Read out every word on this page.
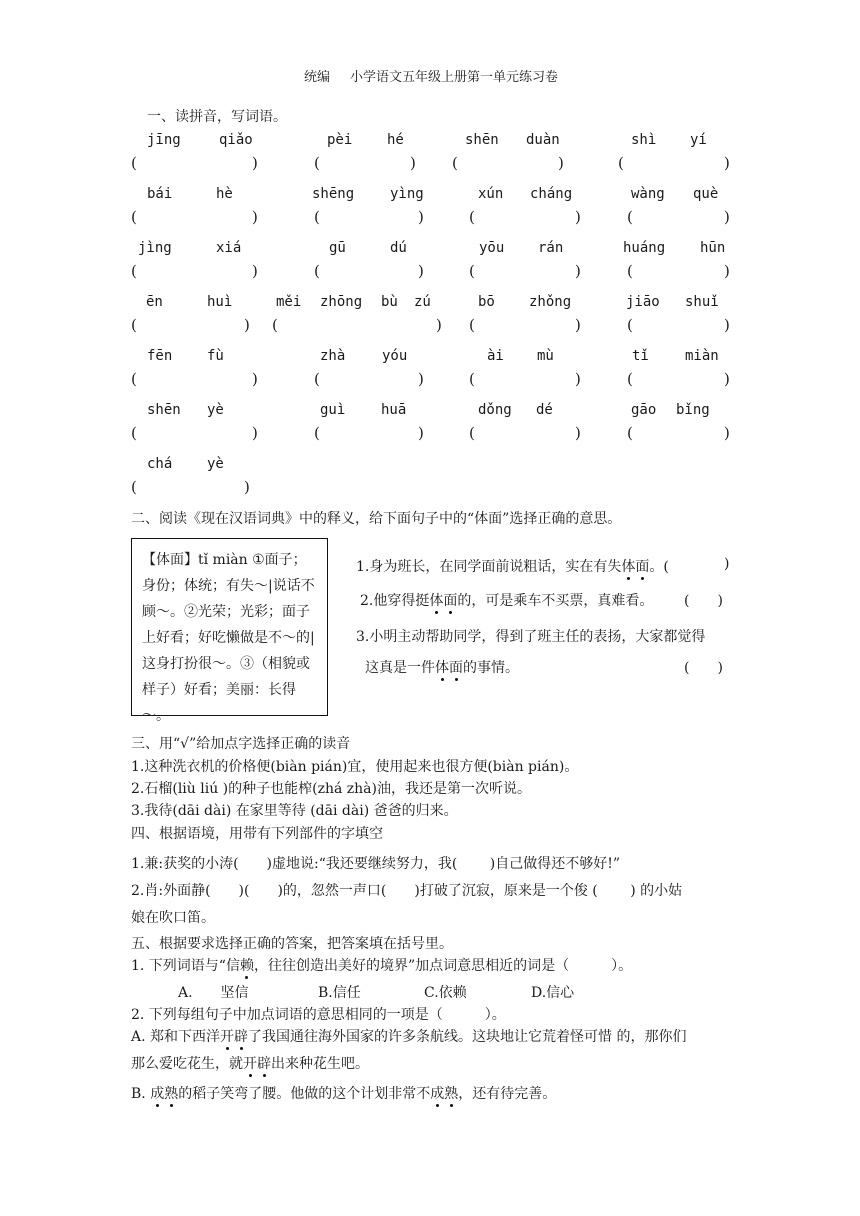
统编 小学语文五年级上册第一单元练习卷
一、读拼音，写词语。
jīng	qiǎo	pèi hé	shēn duàn	shì yí
(	)	(	) (	)	(	)
bái	hè	shēng	yìng	xún cháng	wàng què
(	)	(	)	(	)	(	)
jìng	xiá	gū	dú	yōu rán	huáng hūn
(	)	(	)	(	)	(	)
ēn	huì	měi zhōng bù zú	bō zhǒng	jiāo shuǐ
(	) (	) (	)	(	)
fēn fù	zhà	yóu	ài mù	tǐ	miàn
(	)	(	)	(	)	(	)
shēn yè	guì	huā	dǒng dé	gāo bǐng
(	)	(	)	(	)	(	)
chá yè
(	)
二、阅读《现在汉语词典》中的释义，给下面句子中的“体面”选择正确的意思。
【体面】tǐ miàn ①面子；身份；体统；有失～|说话不顾～。②光荣；光彩；面子上好看；好吃懒做是不～的|这身打扮很～。③（相貌或样子）好看；美丽：长得～。
1.身为班长，在同学面前说粗话，实在有失体面。(	)
2.他穿得挺体面的，可是乘车不买票，真难看。 (　　)
3.小明主动帮助同学，得到了班主任的表扬，大家都觉得
这真是一件体面的事情。	(　　)
三、用“√”给加点字选择正确的读音
1.这种洗衣机的价格便(biàn pián)宜，使用起来也很方便(biàn pián)。
2.石榴(liù liú )的种子也能榨(zhá zhà)油，我还是第一次听说。
3.我待(dāi dài) 在家里等待 (dāi dài) 爸爸的归来。
四、根据语境，用带有下列部件的字填空
1.兼:获奖的小涛(　　)虚地说:“我还要继续努力，我(　　 )自己做得还不够好!”
2.肖:外面静(　　)(　　)的，忽然一声口(　　)打破了沉寂，原来是一个俊 (　　 ) 的小姑
娘在吹口笛。
五、根据要求选择正确的答案，把答案填在括号里。
1. 下列词语与“信赖，往往创造出美好的境界”加点词意思相近的词是（　　　）。
A.　　坚信	B.信任	C.依赖	D.信心
2. 下列每组句子中加点词语的意思相同的一项是（　　　）。
A. 郑和下西洋开辟了我国通往海外国家的许多条航线。这块地让它荒着怪可惜 的，那你们
那么爱吃花生，就开辟出来种花生吧。
B. 成熟的稻子笑弯了腰。他做的这个计划非常不成熟，还有待完善。
